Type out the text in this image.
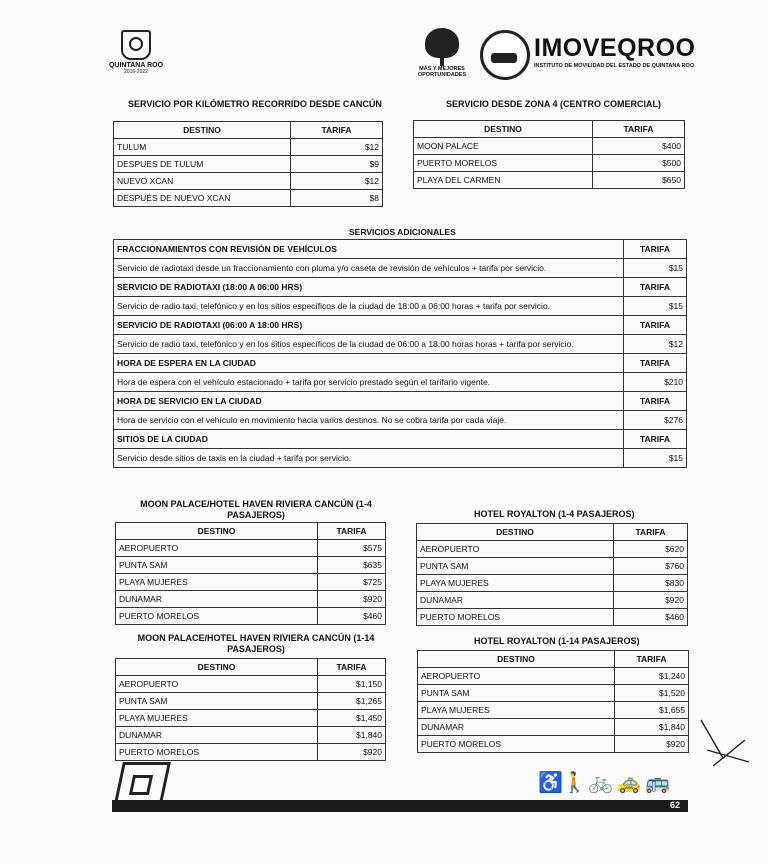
QUINTANA ROO
2016-2022	MÁS Y MEJORES OPORTUNIDADES
IMOVEQROO
INSTITUTO DE MOVILIDAD DEL ESTADO DE QUINTANA ROO
SERVICIO POR KILÓMETRO RECORRIDO DESDE CANCÚN
DESTINO	TARIFA
TULUM	$12
DESPUES DE TULUM	$9
NUEVO XCAN	$12
DESPUÉS DE NUEVO XCAN	$8
SERVICIO DESDE ZONA 4 (CENTRO COMERCIAL)
DESTINO	TARIFA
MOON PALACE	$400
PUERTO MORELOS	$500
PLAYA DEL CARMEN	$650
SERVICIOS ADICIONALES
FRACCIONAMIENTOS CON REVISIÓN DE VEHÍCULOS	TARIFA
Servicio de radiotaxi desde un fraccionamiento con pluma y/o caseta de revisión de vehículos + tarifa por servicio.	$15
SERVICIO DE RADIOTAXI (18:00 A 06:00 HRS)	TARIFA
Servicio de radio taxi, telefónico y en los sitios específicos de la ciudad de 18:00 a 06:00 horas + tarifa por servicio.	$15
SERVICIO DE RADIOTAXI (06:00 A 18:00 HRS)	TARIFA
Servicio de radio taxi, telefónico y en los sitios específicos de la ciudad de 06:00 a 18:00 horas horas + tarifa por servicio.	$12
HORA DE ESPERA EN LA CIUDAD	TARIFA
Hora de espera con el vehículo estacionado + tarifa por servicio prestado según el tarifario vigente.	$210
HORA DE SERVICIO EN LA CIUDAD	TARIFA
Hora de servicio con el vehículo en movimiento hacia varios destinos. No se cobra tarifa por cada viaje.	$276
SITIOS DE LA CIUDAD	TARIFA
Servicio desde sitios de taxis en la ciudad + tarifa por servicio.	$15
MOON PALACE/HOTEL HAVEN RIVIERA CANCÚN (1-4 PASAJEROS)
DESTINO	TARIFA
AEROPUERTO	$575
PUNTA SAM	$635
PLAYA MUJERES	$725
DUNAMAR	$920
PUERTO MORELOS	$460
HOTEL ROYALTON (1-4 PASAJEROS)
DESTINO	TARIFA
AEROPUERTO	$620
PUNTA SAM	$760
PLAYA MUJERES	$830
DUNAMAR	$920
PUERTO MORELOS	$460
MOON PALACE/HOTEL HAVEN RIVIERA CANCÚN (1-14 PASAJEROS)
DESTINO	TARIFA
AEROPUERTO	$1,150
PUNTA SAM	$1,265
PLAYA MUJERES	$1,450
DUNAMAR	$1,840
PUERTO MORELOS	$920
HOTEL ROYALTON (1-14 PASAJEROS)
DESTINO	TARIFA
AEROPUERTO	$1,240
PUNTA SAM	$1,520
PLAYA MUJERES	$1,655
DUNAMAR	$1,840
PUERTO MORELOS	$920
62
♿ 🚶 🚲 🚕 🚌
